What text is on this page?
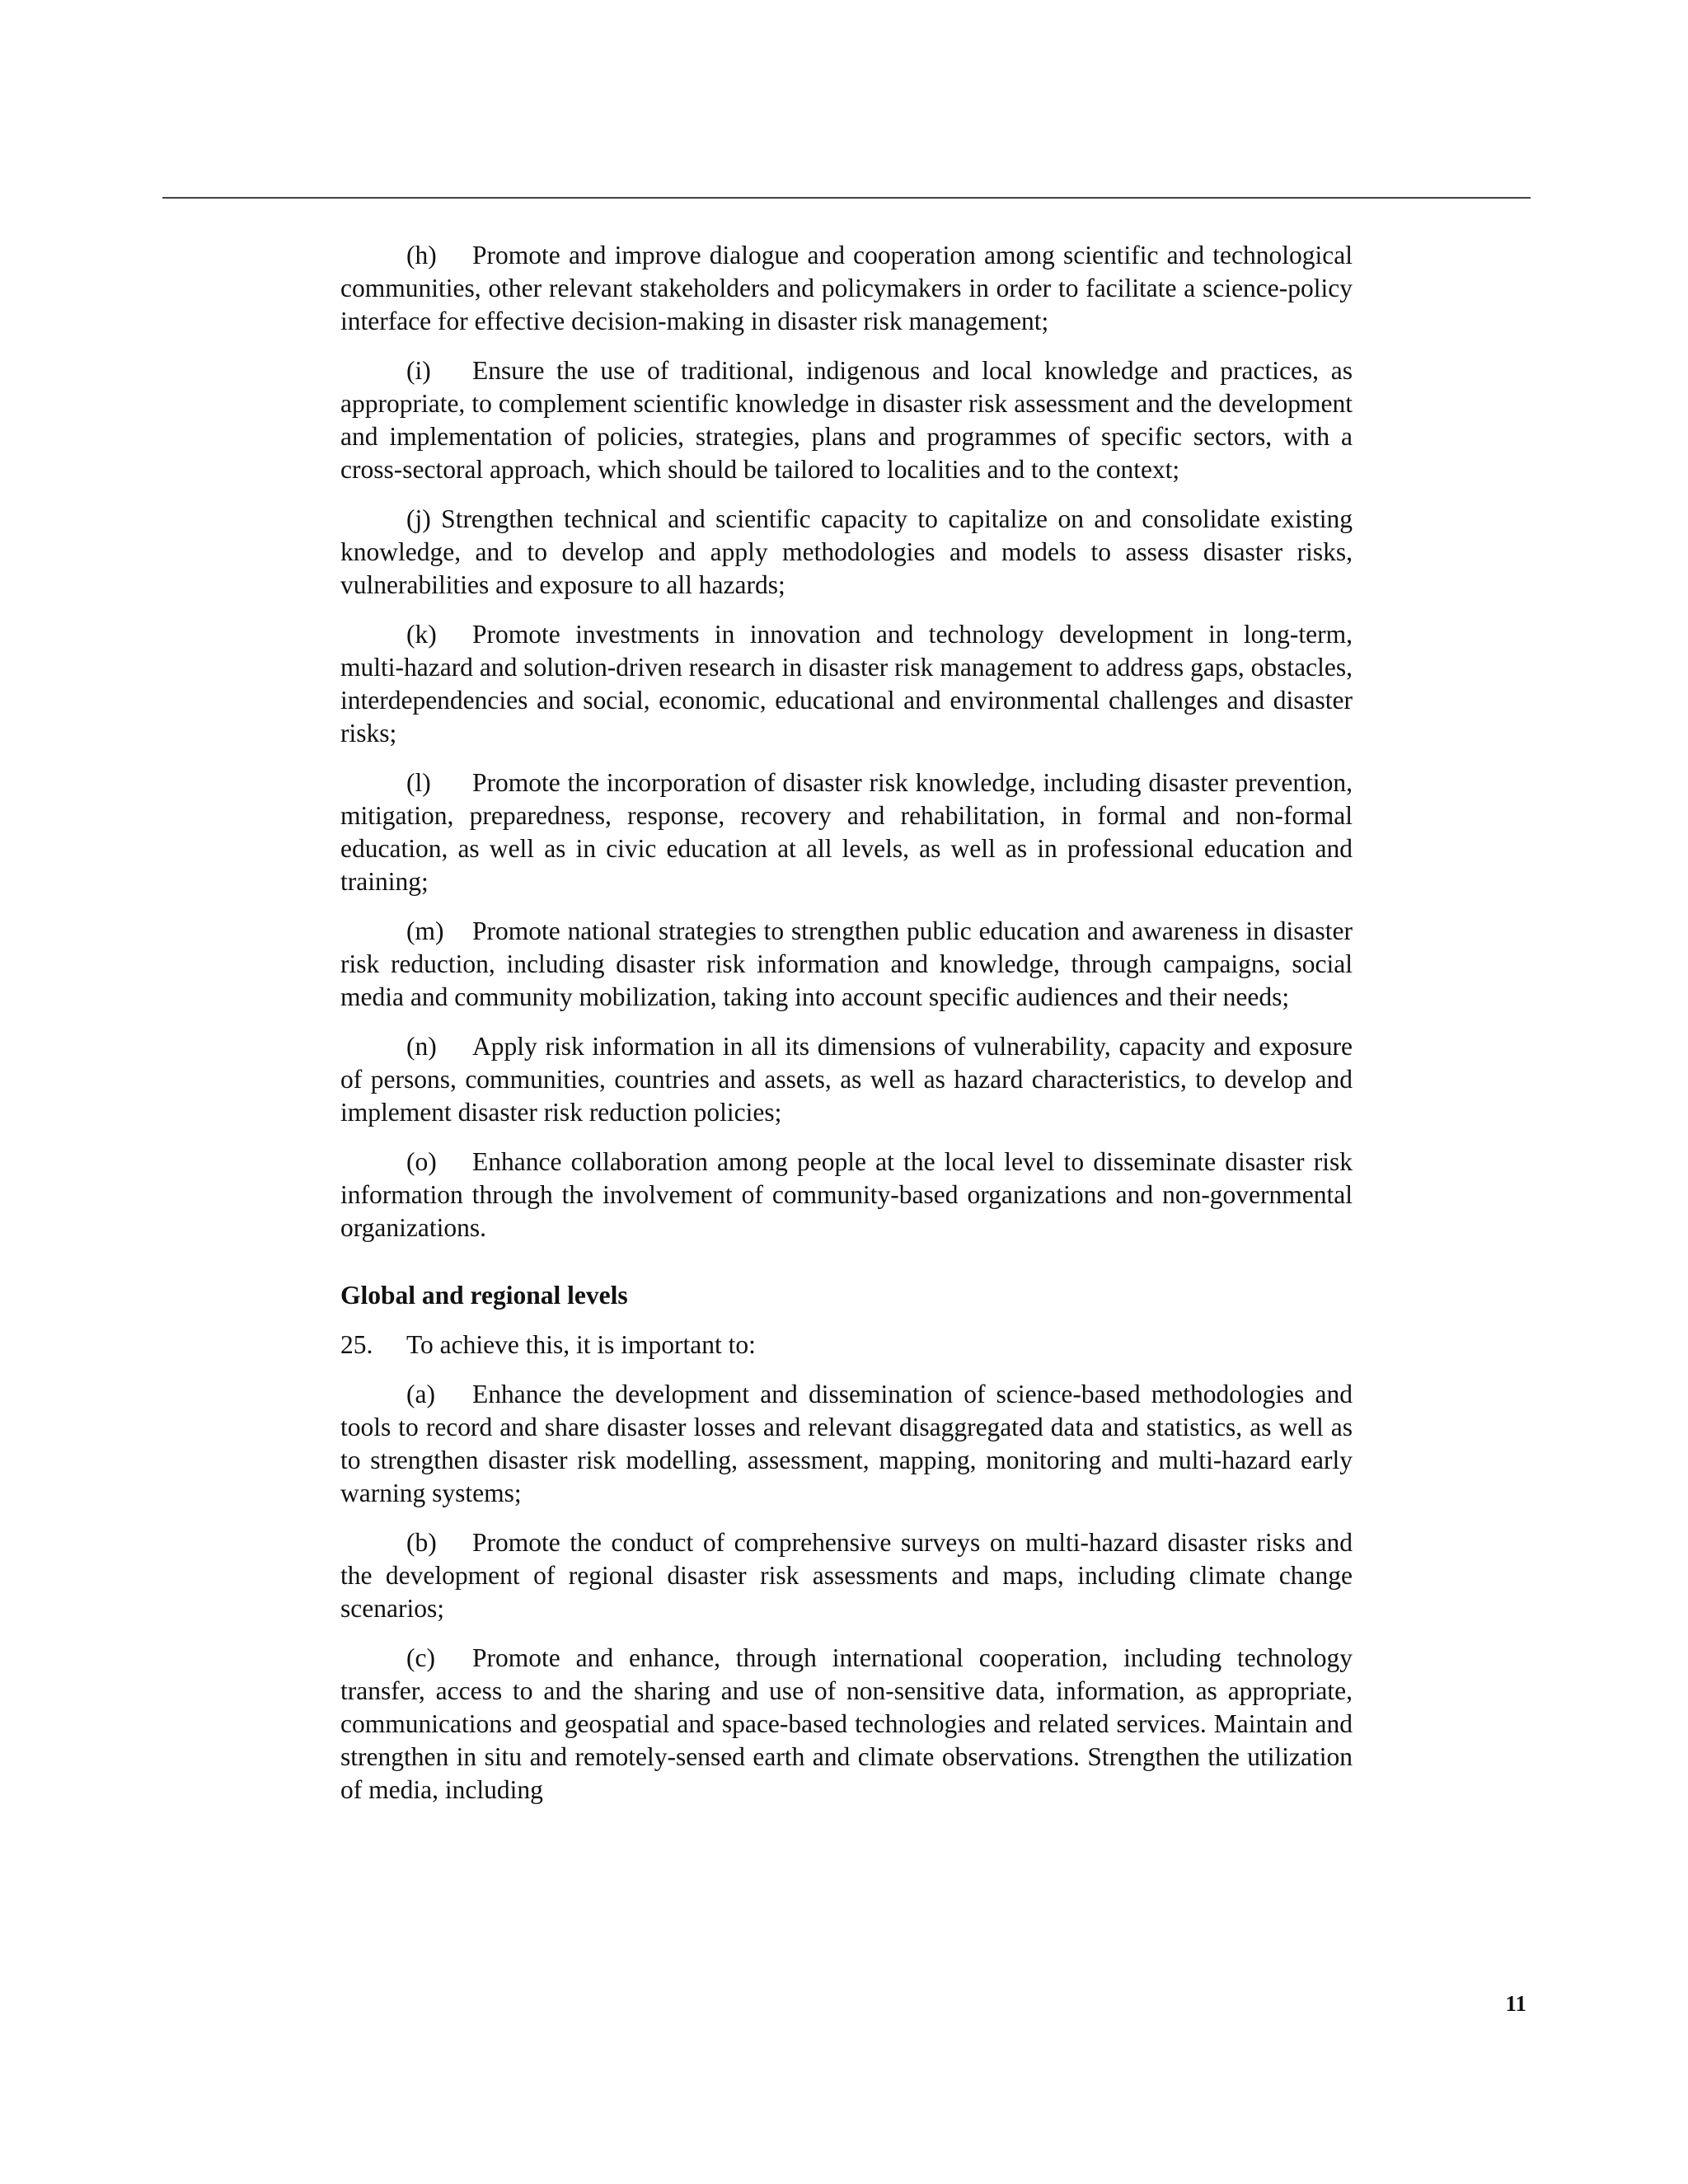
(h) Promote and improve dialogue and cooperation among scientific and technological communities, other relevant stakeholders and policymakers in order to facilitate a science-policy interface for effective decision-making in disaster risk management;

(i) Ensure the use of traditional, indigenous and local knowledge and practices, as appropriate, to complement scientific knowledge in disaster risk assessment and the development and implementation of policies, strategies, plans and programmes of specific sectors, with a cross-sectoral approach, which should be tailored to localities and to the context;

(j) Strengthen technical and scientific capacity to capitalize on and consolidate existing knowledge, and to develop and apply methodologies and models to assess disaster risks, vulnerabilities and exposure to all hazards;

(k) Promote investments in innovation and technology development in long-term, multi-hazard and solution-driven research in disaster risk management to address gaps, obstacles, interdependencies and social, economic, educational and environmental challenges and disaster risks;

(l) Promote the incorporation of disaster risk knowledge, including disaster prevention, mitigation, preparedness, response, recovery and rehabilitation, in formal and non-formal education, as well as in civic education at all levels, as well as in professional education and training;

(m) Promote national strategies to strengthen public education and awareness in disaster risk reduction, including disaster risk information and knowledge, through campaigns, social media and community mobilization, taking into account specific audiences and their needs;

(n) Apply risk information in all its dimensions of vulnerability, capacity and exposure of persons, communities, countries and assets, as well as hazard characteristics, to develop and implement disaster risk reduction policies;

(o) Enhance collaboration among people at the local level to disseminate disaster risk information through the involvement of community-based organizations and non-governmental organizations.

Global and regional levels
25. To achieve this, it is important to:

(a) Enhance the development and dissemination of science-based methodologies and tools to record and share disaster losses and relevant disaggregated data and statistics, as well as to strengthen disaster risk modelling, assessment, mapping, monitoring and multi-hazard early warning systems;

(b) Promote the conduct of comprehensive surveys on multi-hazard disaster risks and the development of regional disaster risk assessments and maps, including climate change scenarios;

(c) Promote and enhance, through international cooperation, including technology transfer, access to and the sharing and use of non-sensitive data, information, as appropriate, communications and geospatial and space-based technologies and related services. Maintain and strengthen in situ and remotely-sensed earth and climate observations. Strengthen the utilization of media, including

11
